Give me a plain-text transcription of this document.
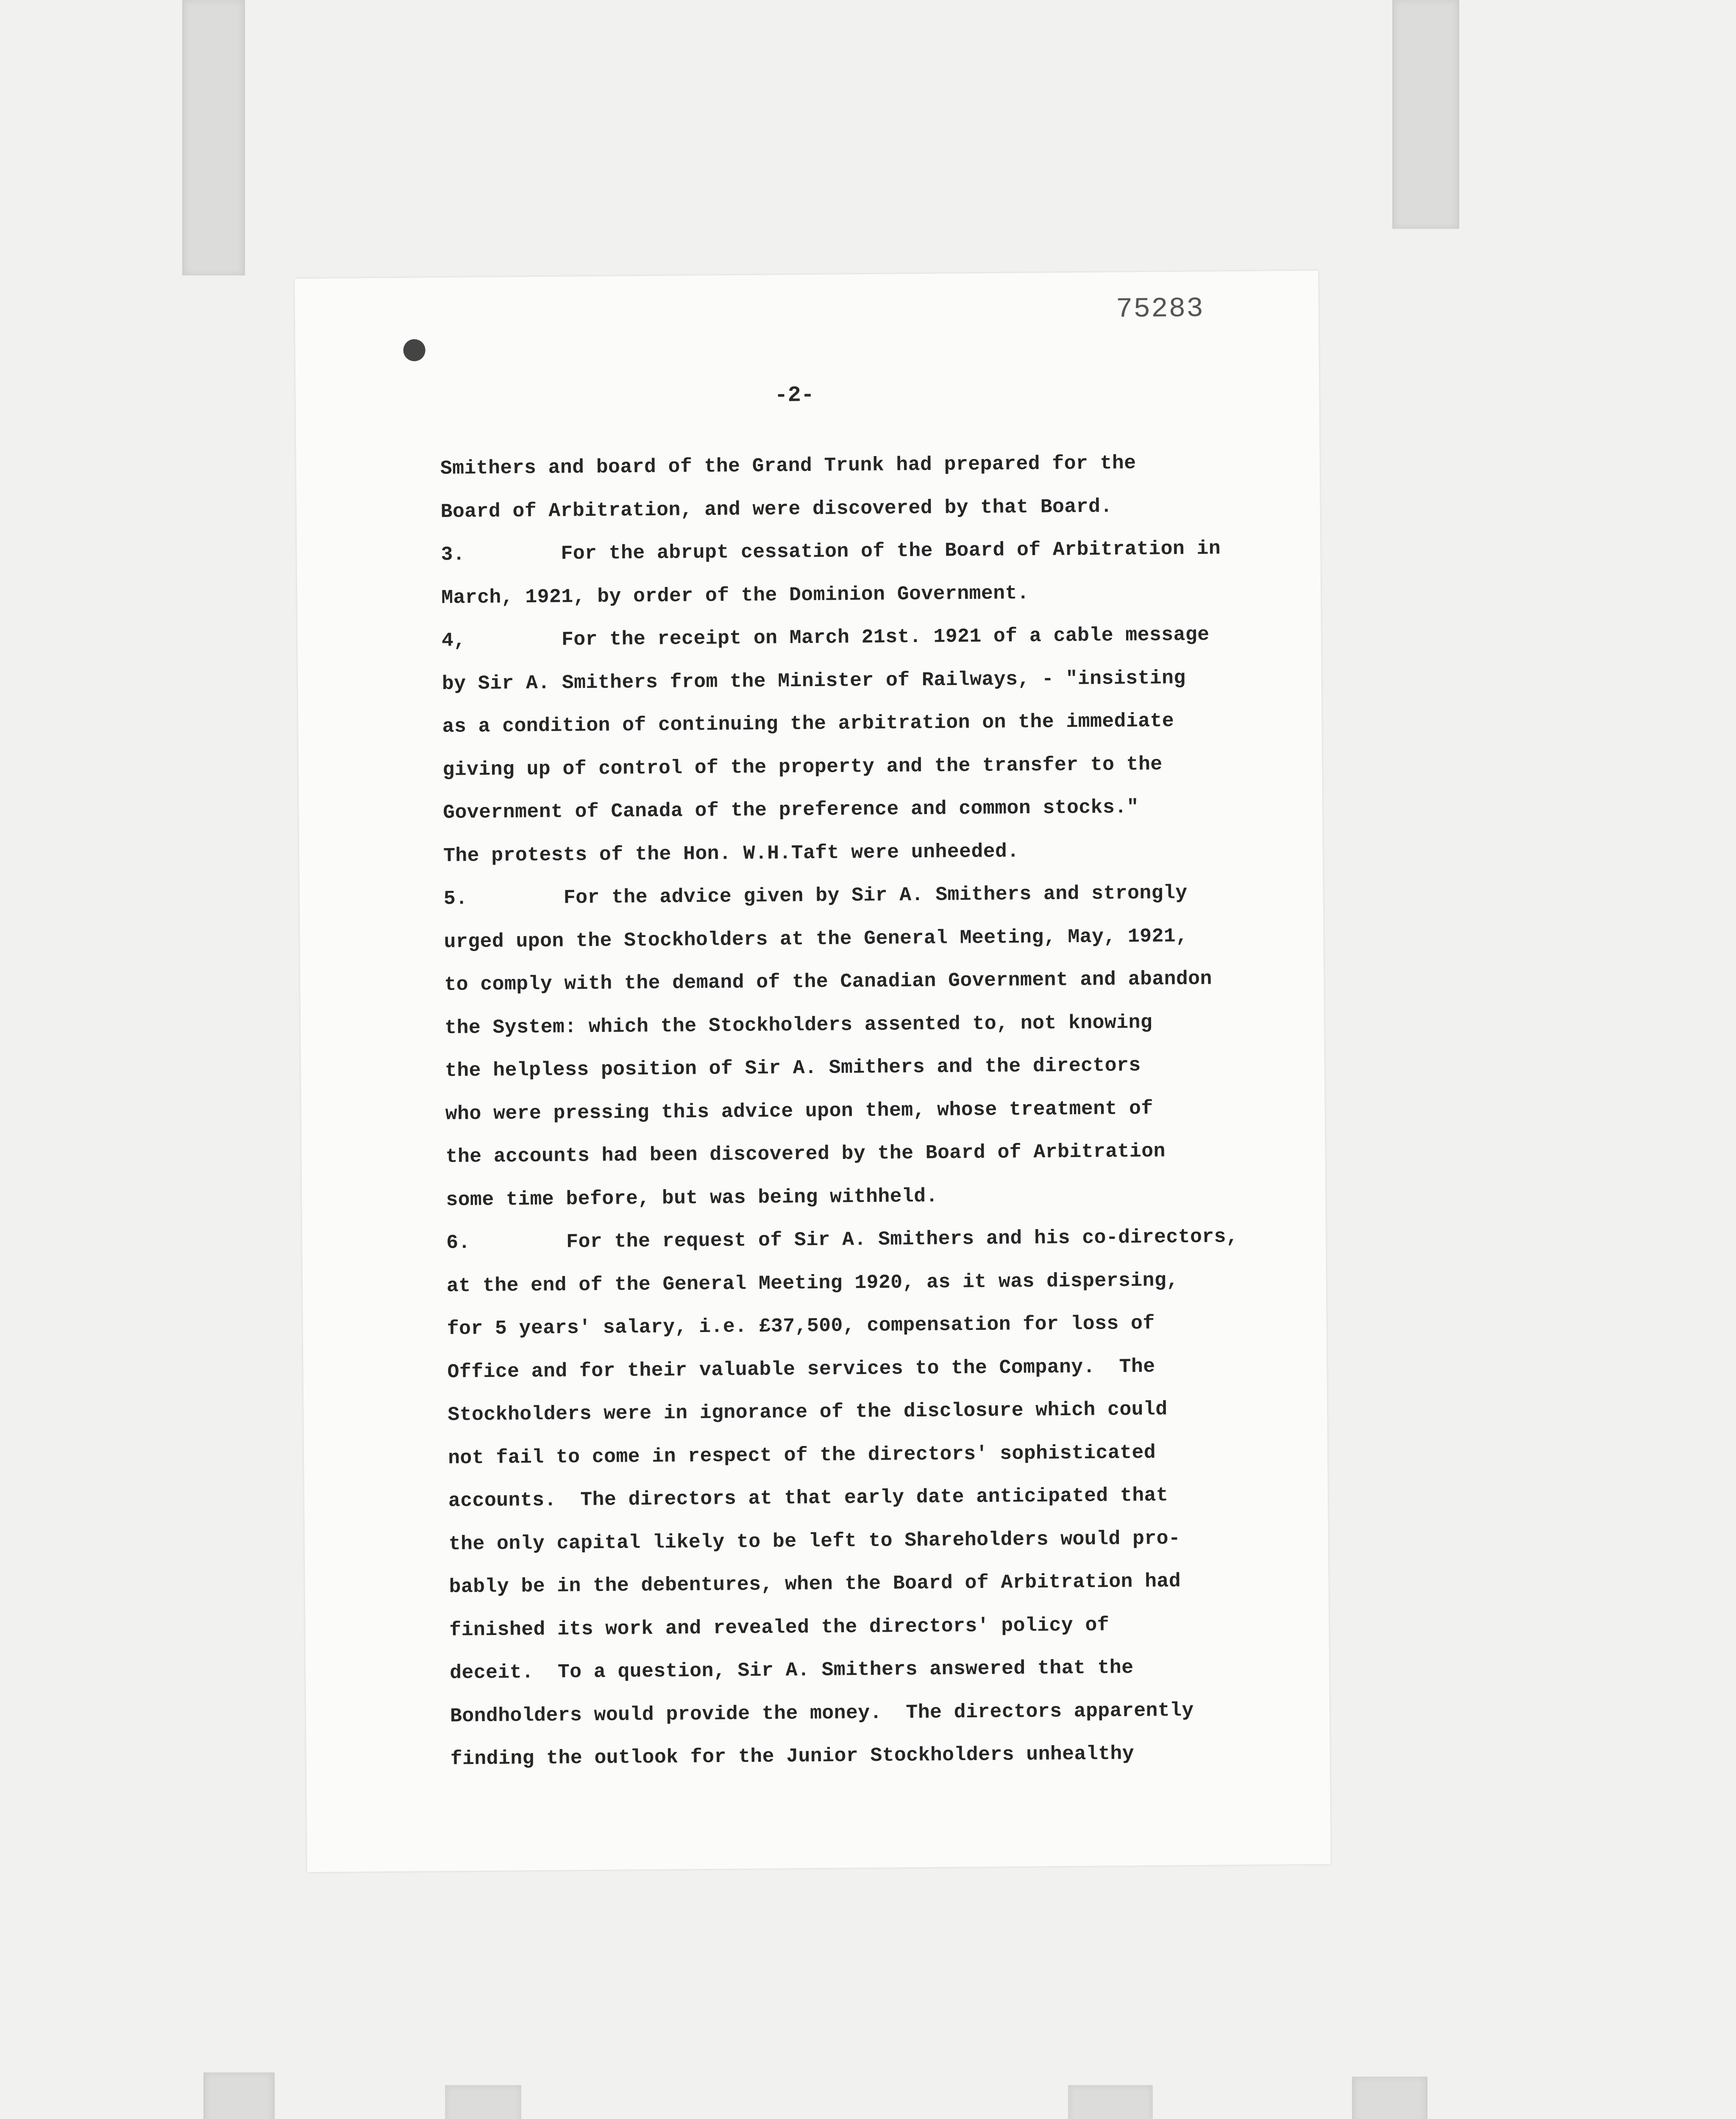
75283
-2-
Smithers and board of the Grand Trunk had prepared for the
Board of Arbitration, and were discovered by that Board.
3.        For the abrupt cessation of the Board of Arbitration in
March, 1921, by order of the Dominion Government.
4,        For the receipt on March 21st. 1921 of a cable message
by Sir A. Smithers from the Minister of Railways, - "insisting
as a condition of continuing the arbitration on the immediate
giving up of control of the property and the transfer to the
Government of Canada of the preference and common stocks."
The protests of the Hon. W.H.Taft were unheeded.
5.        For the advice given by Sir A. Smithers and strongly
urged upon the Stockholders at the General Meeting, May, 1921,
to comply with the demand of the Canadian Government and abandon
the System: which the Stockholders assented to, not knowing
the helpless position of Sir A. Smithers and the directors
who were pressing this advice upon them, whose treatment of
the accounts had been discovered by the Board of Arbitration
some time before, but was being withheld.
6.        For the request of Sir A. Smithers and his co-directors,
at the end of the General Meeting 1920, as it was dispersing,
for 5 years' salary, i.e. £37,500, compensation for loss of
Office and for their valuable services to the Company.  The
Stockholders were in ignorance of the disclosure which could
not fail to come in respect of the directors' sophisticated
accounts.  The directors at that early date anticipated that
the only capital likely to be left to Shareholders would pro-
bably be in the debentures, when the Board of Arbitration had
finished its work and revealed the directors' policy of
deceit.  To a question, Sir A. Smithers answered that the
Bondholders would provide the money.  The directors apparently
finding the outlook for the Junior Stockholders unhealthy
